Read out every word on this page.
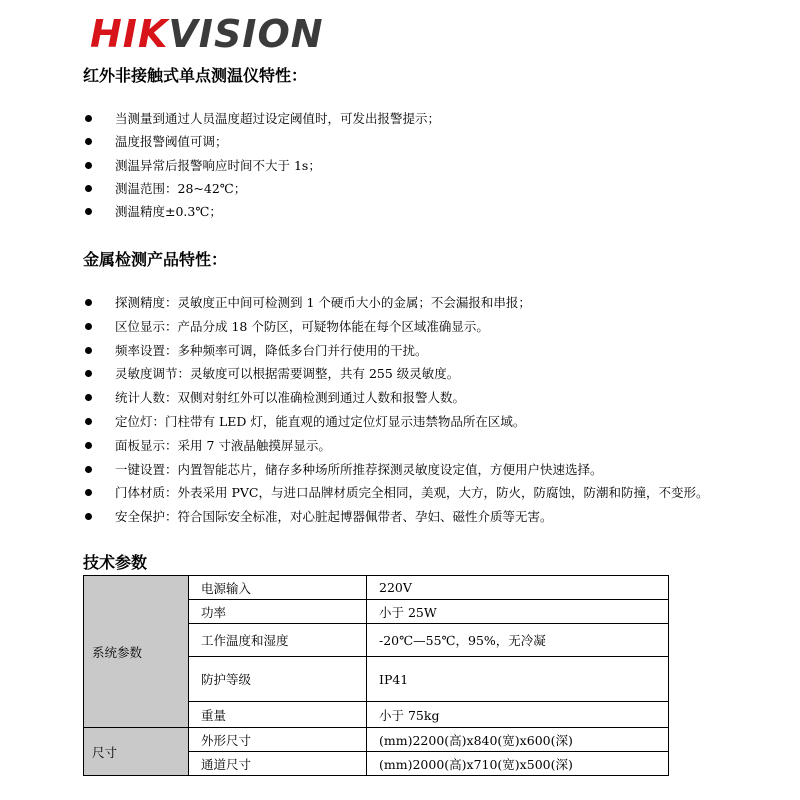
HIKVISION
红外非接触式单点测温仪特性：
当测量到通过人员温度超过设定阈值时，可发出报警提示；
温度报警阈值可调；
测温异常后报警响应时间不大于 1s；
测温范围：28~42℃；
测温精度±0.3℃；
金属检测产品特性：
探测精度：灵敏度正中间可检测到 1 个硬币大小的金属；不会漏报和串报；
区位显示：产品分成 18 个防区，可疑物体能在每个区域准确显示。
频率设置：多种频率可调，降低多台门并行使用的干扰。
灵敏度调节：灵敏度可以根据需要调整，共有 255 级灵敏度。
统计人数：双侧对射红外可以准确检测到通过人数和报警人数。
定位灯：门柱带有 LED 灯，能直观的通过定位灯显示违禁物品所在区域。
面板显示：采用 7 寸液晶触摸屏显示。
一键设置：内置智能芯片，储存多种场所所推荐探测灵敏度设定值，方便用户快速选择。
门体材质：外表采用 PVC，与进口品牌材质完全相同，美观，大方，防火，防腐蚀，防潮和防撞，不变形。
安全保护：符合国际安全标准，对心脏起博器佩带者、孕妇、磁性介质等无害。
技术参数
系统参数	电源输入	220V
	功率	小于 25W
	工作温度和湿度	-20℃—55℃，95%，无冷凝
	防护等级	IP41
	重量	小于 75kg
尺寸	外形尺寸	(mm)2200(高)x840(宽)x600(深)
	通道尺寸	(mm)2000(高)x710(宽)x500(深)
